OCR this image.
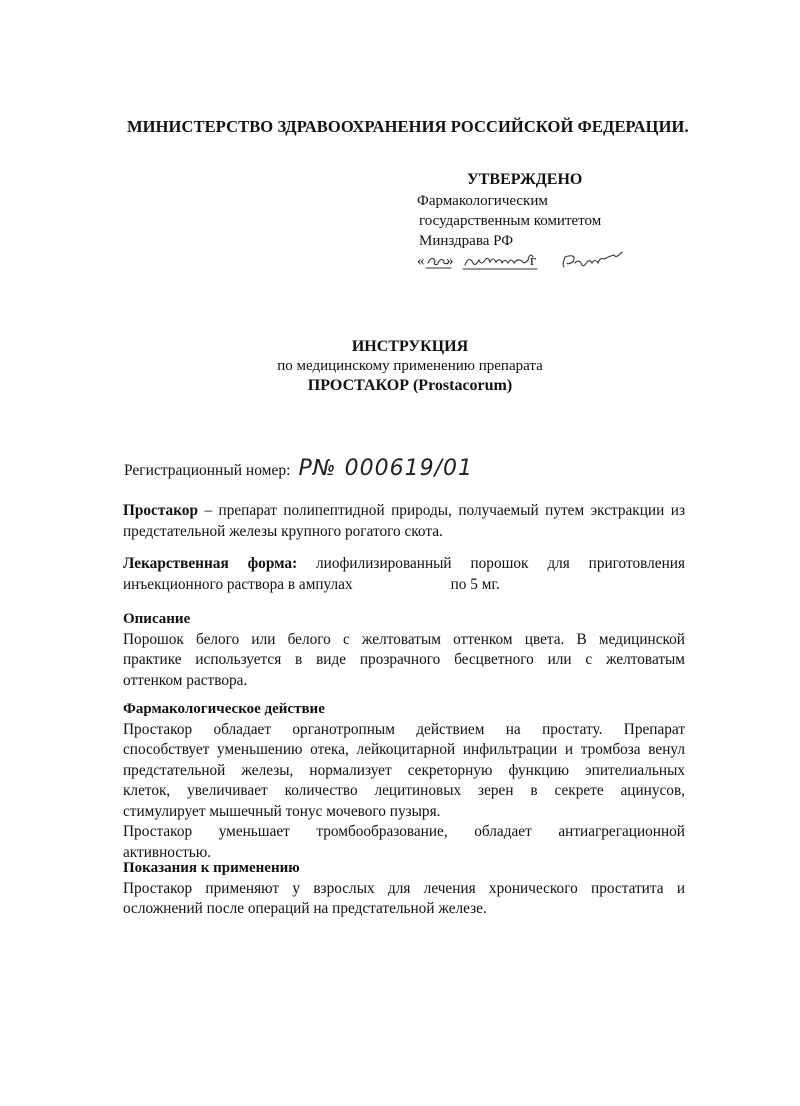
МИНИСТЕРСТВО ЗДРАВООХРАНЕНИЯ РОССИЙСКОЙ ФЕДЕРАЦИИ.
УТВЕРЖДЕНО
Фармакологическим
государственным комитетом
Минздрава РФ
« »	г
ИНСТРУКЦИЯ
по медицинскому применению препарата
ПРОСТАКОР (Prostacorum)
Регистрационный номер: Р№ 000619/01
Простакор – препарат полипептидной природы, получаемый путем экстракции из
предстательной железы крупного рогатого скота.
Лекарственная форма: лиофилизированный порошок для приготовления
инъекционного раствора в ампулах	по 5 мг.
Описание
Порошок белого или белого с желтоватым оттенком цвета. В медицинской
практике используется в виде прозрачного бесцветного или с желтоватым
оттенком раствора.
Фармакологическое действие
Простакор обладает органотропным действием на простату. Препарат
способствует уменьшению отека, лейкоцитарной инфильтрации и тромбоза венул
предстательной железы, нормализует секреторную функцию эпителиальных
клеток, увеличивает количество лецитиновых зерен в секрете ацинусов,
стимулирует мышечный тонус мочевого пузыря.
Простакор уменьшает тромбообразование, обладает антиагрегационной
активностью.
Показания к применению
Простакор применяют у взрослых для лечения хронического простатита и
осложнений после операций на предстательной железе.
